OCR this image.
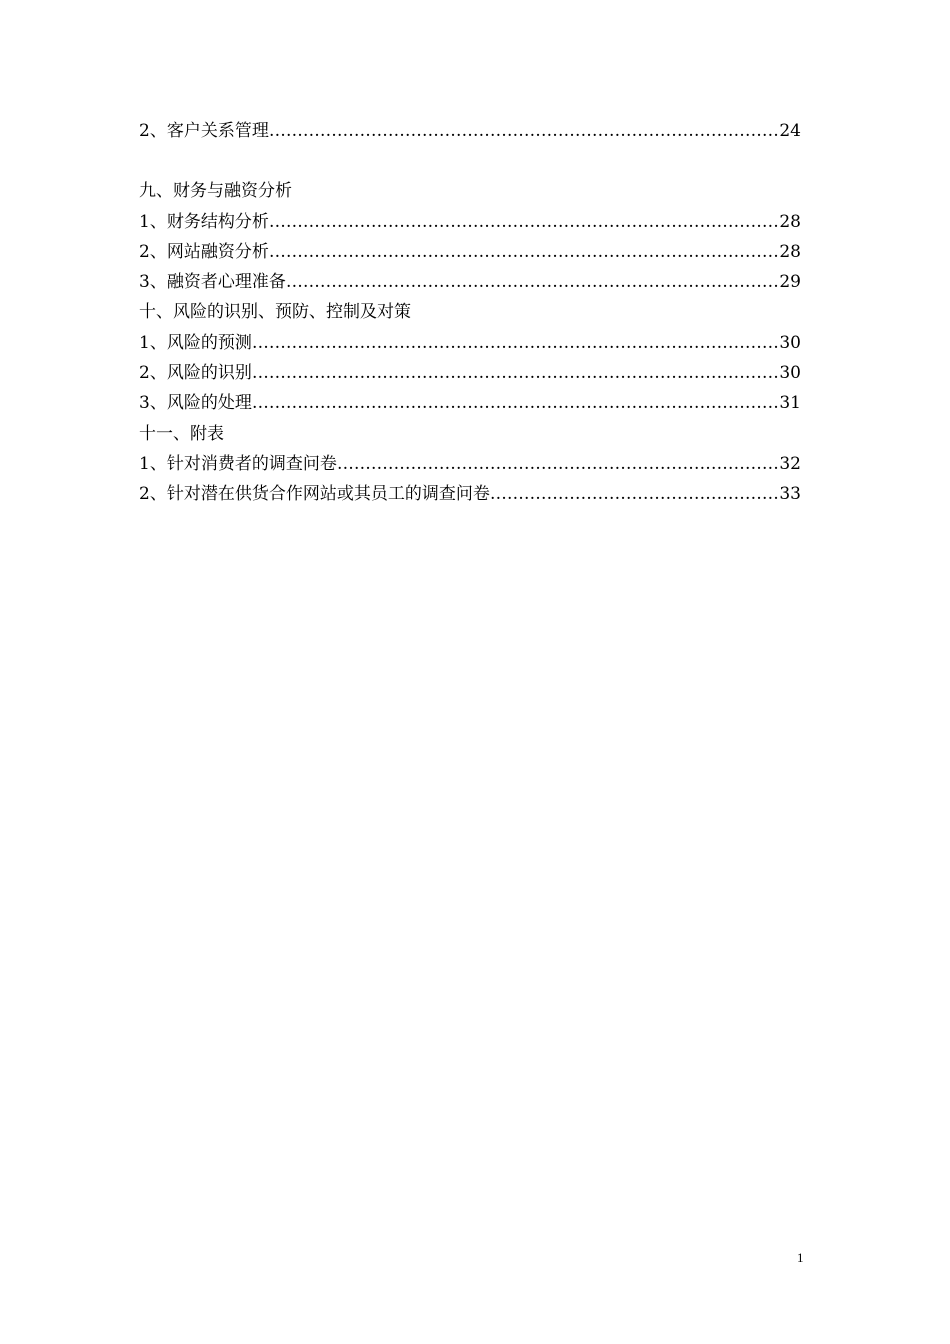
2、客户关系管理 ………………………………………………………………………………………………………………………………………………	24
九、财务与融资分析
1、财务结构分析 ………………………………………………………………………………………………………………………………………………	28
2、网站融资分析 ………………………………………………………………………………………………………………………………………………	28
3、融资者心理准备 ………………………………………………………………………………………………………………………………………………	29
十、风险的识别、预防、控制及对策
1、风险的预测 ………………………………………………………………………………………………………………………………………………	30
2、风险的识别 ………………………………………………………………………………………………………………………………………………	30
3、风险的处理 ………………………………………………………………………………………………………………………………………………	31
十一、附表
1、针对消费者的调查问卷 ………………………………………………………………………………………………………………………………………………	32
2、针对潜在供货合作网站或其员工的调查问卷 ………………………………………………………………………………………………………………………………………………	33
1
